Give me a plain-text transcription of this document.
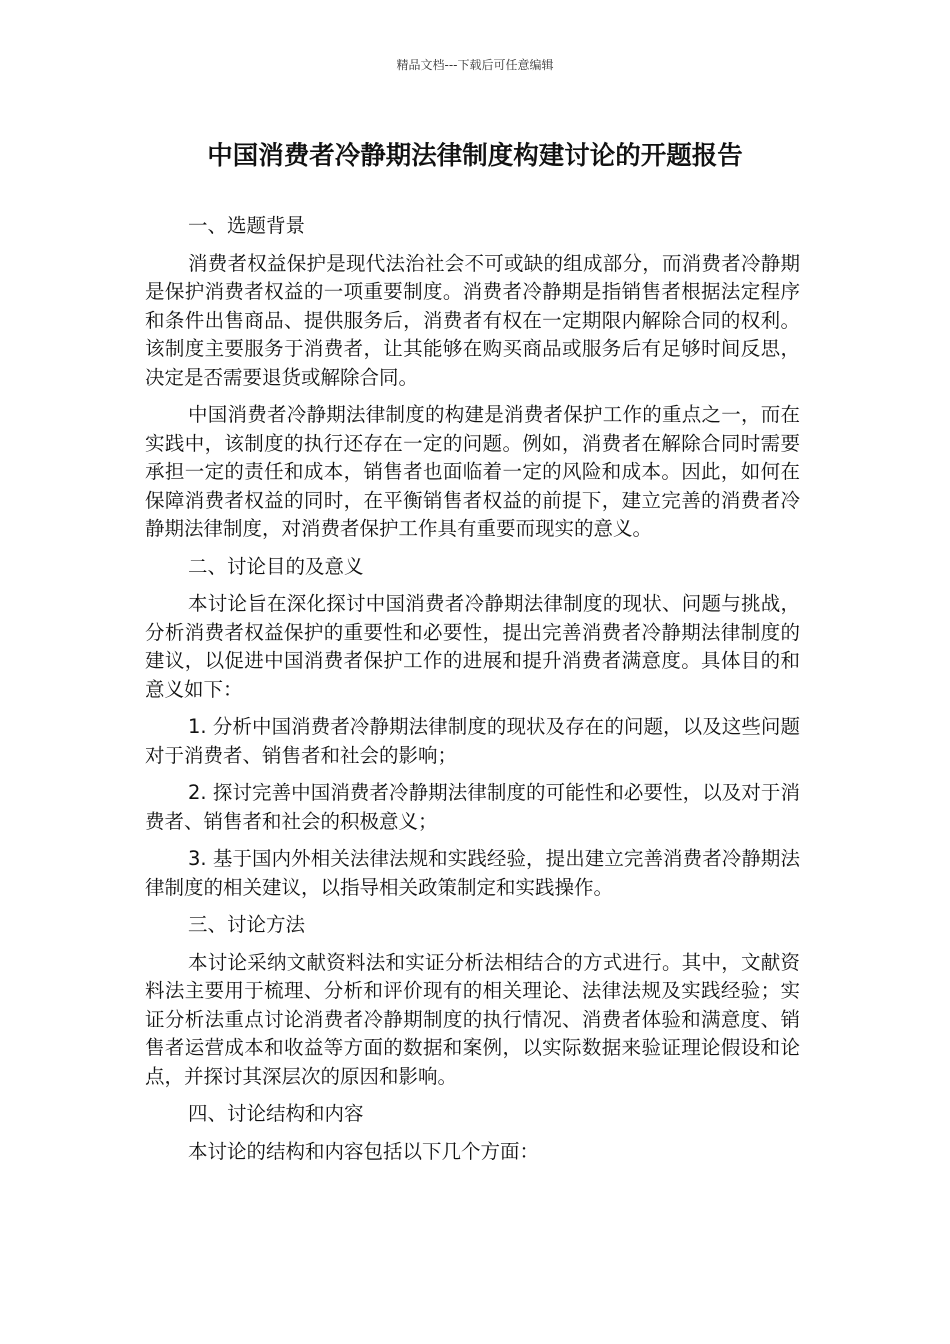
精品文档---下载后可任意编辑
中国消费者冷静期法律制度构建讨论的开题报告

一、选题背景

消费者权益保护是现代法治社会不可或缺的组成部分，而消费者冷静期是保护消费者权益的一项重要制度。消费者冷静期是指销售者根据法定程序和条件出售商品、提供服务后，消费者有权在一定期限内解除合同的权利。该制度主要服务于消费者，让其能够在购买商品或服务后有足够时间反思，决定是否需要退货或解除合同。

中国消费者冷静期法律制度的构建是消费者保护工作的重点之一，而在实践中，该制度的执行还存在一定的问题。例如，消费者在解除合同时需要承担一定的责任和成本，销售者也面临着一定的风险和成本。因此，如何在保障消费者权益的同时，在平衡销售者权益的前提下，建立完善的消费者冷静期法律制度，对消费者保护工作具有重要而现实的意义。

二、讨论目的及意义

本讨论旨在深化探讨中国消费者冷静期法律制度的现状、问题与挑战，分析消费者权益保护的重要性和必要性，提出完善消费者冷静期法律制度的建议，以促进中国消费者保护工作的进展和提升消费者满意度。具体目的和意义如下：

1. 分析中国消费者冷静期法律制度的现状及存在的问题，以及这些问题对于消费者、销售者和社会的影响；

2. 探讨完善中国消费者冷静期法律制度的可能性和必要性，以及对于消费者、销售者和社会的积极意义；

3. 基于国内外相关法律法规和实践经验，提出建立完善消费者冷静期法律制度的相关建议，以指导相关政策制定和实践操作。

三、讨论方法

本讨论采纳文献资料法和实证分析法相结合的方式进行。其中，文献资料法主要用于梳理、分析和评价现有的相关理论、法律法规及实践经验；实证分析法重点讨论消费者冷静期制度的执行情况、消费者体验和满意度、销售者运营成本和收益等方面的数据和案例，以实际数据来验证理论假设和论点，并探讨其深层次的原因和影响。

四、讨论结构和内容

本讨论的结构和内容包括以下几个方面：
